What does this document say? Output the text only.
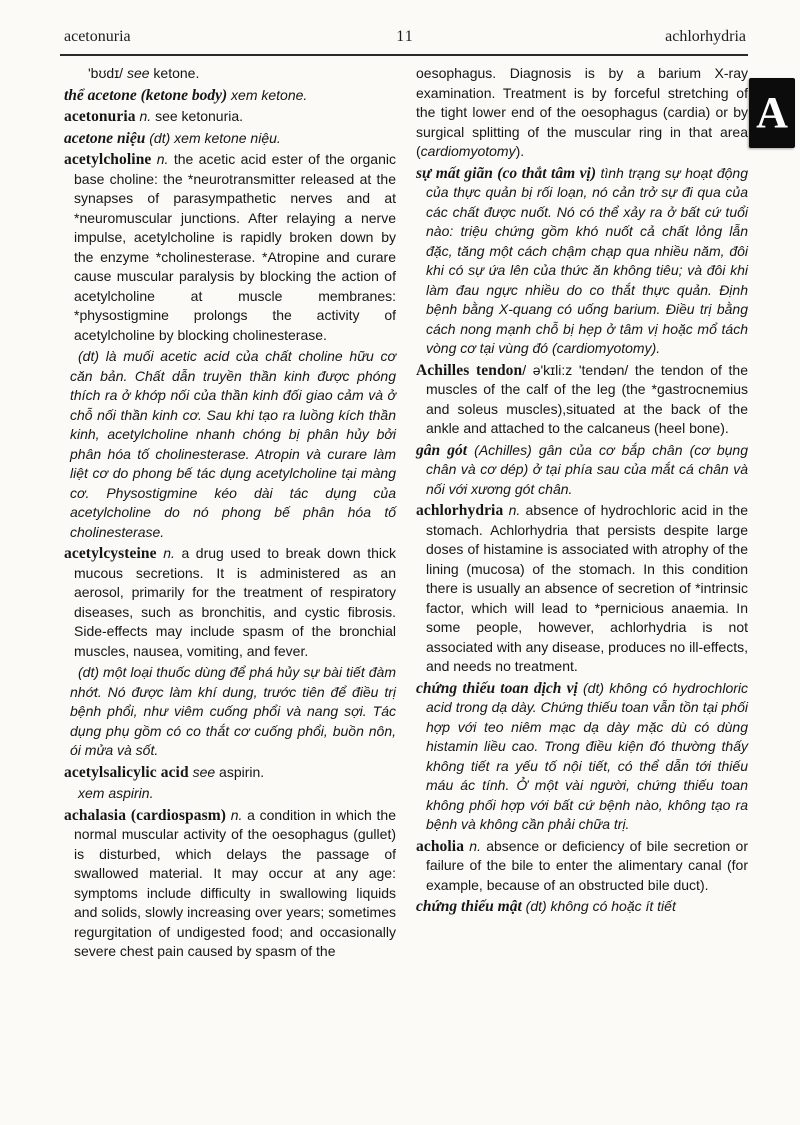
acetonuria	11	achlorhydria
A

'bʊdɪ/ see ketone.

thể acetone (ketone body) xem ketone.

acetonuria n. see ketonuria.

acetone niệu (dt) xem ketone niệu.

acetylcholine n. the acetic acid ester of the organic base choline: the *neurotransmitter released at the synapses of parasympathetic nerves and at *neuromuscular junctions. After relaying a nerve impulse, acetylcholine is rapidly broken down by the enzyme *cholinesterase. *Atropine and curare cause muscular paralysis by blocking the action of acetylcholine at muscle membranes: *physostigmine prolongs the activity of acetylcholine by blocking cholinesterase.

(dt) là muối acetic acid của chất choline hữu cơ căn bản. Chất dẫn truyền thần kinh được phóng thích ra ở khớp nối của thần kinh đối giao cảm và ở chỗ nối thần kinh cơ. Sau khi tạo ra luồng kích thần kinh, acetylcholine nhanh chóng bị phân hủy bởi phân hóa tố cholinesterase. Atropin và curare làm liệt cơ do phong bế tác dụng acetylcholine tại màng cơ. Physostigmine kéo dài tác dụng của acetylcholine do nó phong bế phân hóa tố cholinesterase.

acetylcysteine n. a drug used to break down thick mucous secretions. It is administered as an aerosol, primarily for the treatment of respiratory diseases, such as bronchitis, and cystic fibrosis. Side-effects may include spasm of the bronchial muscles, nausea, vomiting, and fever.

(dt) một loại thuốc dùng để phá hủy sự bài tiết đàm nhớt. Nó được làm khí dung, trước tiên để điều trị bệnh phổi, như viêm cuống phổi và nang sợi. Tác dụng phụ gồm có co thắt cơ cuống phổi, buồn nôn, ói mửa và sốt.

acetylsalicylic acid see aspirin.

xem aspirin.

achalasia (cardiospasm) n. a condition in which the normal muscular activity of the oesophagus (gullet) is disturbed, which delays the passage of swallowed material. It may occur at any age: symptoms include difficulty in swallowing liquids and solids, slowly increasing over years; sometimes regurgitation of undigested food; and occasionally severe chest pain caused by spasm of the

oesophagus. Diagnosis is by a barium X-ray examination. Treatment is by forceful stretching of the tight lower end of the oesophagus (cardia) or by surgical splitting of the muscular ring in that area (cardiomyotomy).

sự mất giãn (co thắt tâm vị) tình trạng sự hoạt động của thực quản bị rối loạn, nó cản trở sự đi qua của các chất được nuốt. Nó có thể xảy ra ở bất cứ tuổi nào: triệu chứng gồm khó nuốt cả chất lỏng lẫn đặc, tăng một cách chậm chạp qua nhiều năm, đôi khi có sự ứa lên của thức ăn không tiêu; và đôi khi làm đau ngực nhiều do co thắt thực quản. Định bệnh bằng X-quang có uống barium. Điều trị bằng cách nong mạnh chỗ bị hẹp ở tâm vị hoặc mổ tách vòng cơ tại vùng đó (cardiomyotomy).

Achilles tendon/ ə'kɪli:z 'tendən/ the tendon of the muscles of the calf of the leg (the *gastrocnemius and soleus muscles),situated at the back of the ankle and attached to the calcaneus (heel bone).

gân gót (Achilles) gân của cơ bắp chân (cơ bụng chân và cơ dép) ở tại phía sau của mắt cá chân và nối với xương gót chân.

achlorhydria n. absence of hydrochloric acid in the stomach. Achlorhydria that persists despite large doses of histamine is associated with atrophy of the lining (mucosa) of the stomach. In this condition there is usually an absence of secretion of *intrinsic factor, which will lead to *pernicious anaemia. In some people, however, achlorhydria is not associated with any disease, produces no ill-effects, and needs no treatment.

chứng thiếu toan dịch vị (dt) không có hydrochloric acid trong dạ dày. Chứng thiếu toan vẫn tồn tại phối hợp với teo niêm mạc dạ dày mặc dù có dùng histamin liều cao. Trong điều kiện đó thường thấy không tiết ra yếu tố nội tiết, có thể dẫn tới thiếu máu ác tính. Ở một vài người, chứng thiếu toan không phối hợp với bất cứ bệnh nào, không tạo ra bệnh và không cần phải chữa trị.

acholia n. absence or deficiency of bile secretion or failure of the bile to enter the alimentary canal (for example, because of an obstructed bile duct).

chứng thiếu mật (dt) không có hoặc ít tiết
